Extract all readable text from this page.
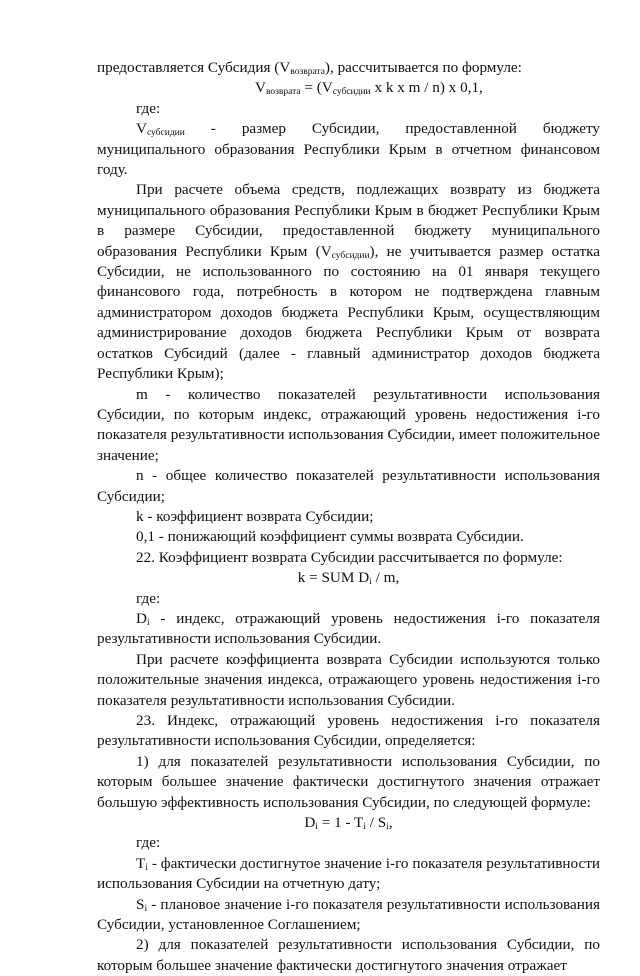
предоставляется Субсидия $(V_{возврата})$, рассчитывается по формуле:

$V_{возврата} = (V_{субсидии}$ x k x m / n) x 0,1,

где:

$V_{субсидии}$ - размер Субсидии, предоставленной бюджету муниципального образования Республики Крым в отчетном финансовом году.

При расчете объема средств, подлежащих возврату из бюджета муниципального образования Республики Крым в бюджет Республики Крым в размере Субсидии, предоставленной бюджету муниципального образования Республики Крым $(V_{субсидии})$, не учитывается размер остатка Субсидии, не использованного по состоянию на 01 января текущего финансового года, потребность в котором не подтверждена главным администратором доходов бюджета Республики Крым, осуществляющим администрирование доходов бюджета Республики Крым от возврата остатков Субсидий (далее - главный администратор доходов бюджета Республики Крым);

m - количество показателей результативности использования Субсидии, по которым индекс, отражающий уровень недостижения i-го показателя результативности использования Субсидии, имеет положительное значение;

n - общее количество показателей результативности использования Субсидии;

k - коэффициент возврата Субсидии;

0,1 - понижающий коэффициент суммы возврата Субсидии.

22. Коэффициент возврата Субсидии рассчитывается по формуле:

k = SUM $D_i$ / m,

где:

$D_i$ - индекс, отражающий уровень недостижения i-го показателя результативности использования Субсидии.

При расчете коэффициента возврата Субсидии используются только положительные значения индекса, отражающего уровень недостижения i-го показателя результативности использования Субсидии.

23. Индекс, отражающий уровень недостижения i-го показателя результативности использования Субсидии, определяется:

1) для показателей результативности использования Субсидии, по которым большее значение фактически достигнутого значения отражает большую эффективность использования Субсидии, по следующей формуле:

$D_i = 1 - T_i / S_i$,

где:

$T_i$ - фактически достигнутое значение i-го показателя результативности использования Субсидии на отчетную дату;

$S_i$ - плановое значение i-го показателя результативности использования Субсидии, установленное Соглашением;

2) для показателей результативности использования Субсидии, по которым большее значение фактически достигнутого значения отражает
